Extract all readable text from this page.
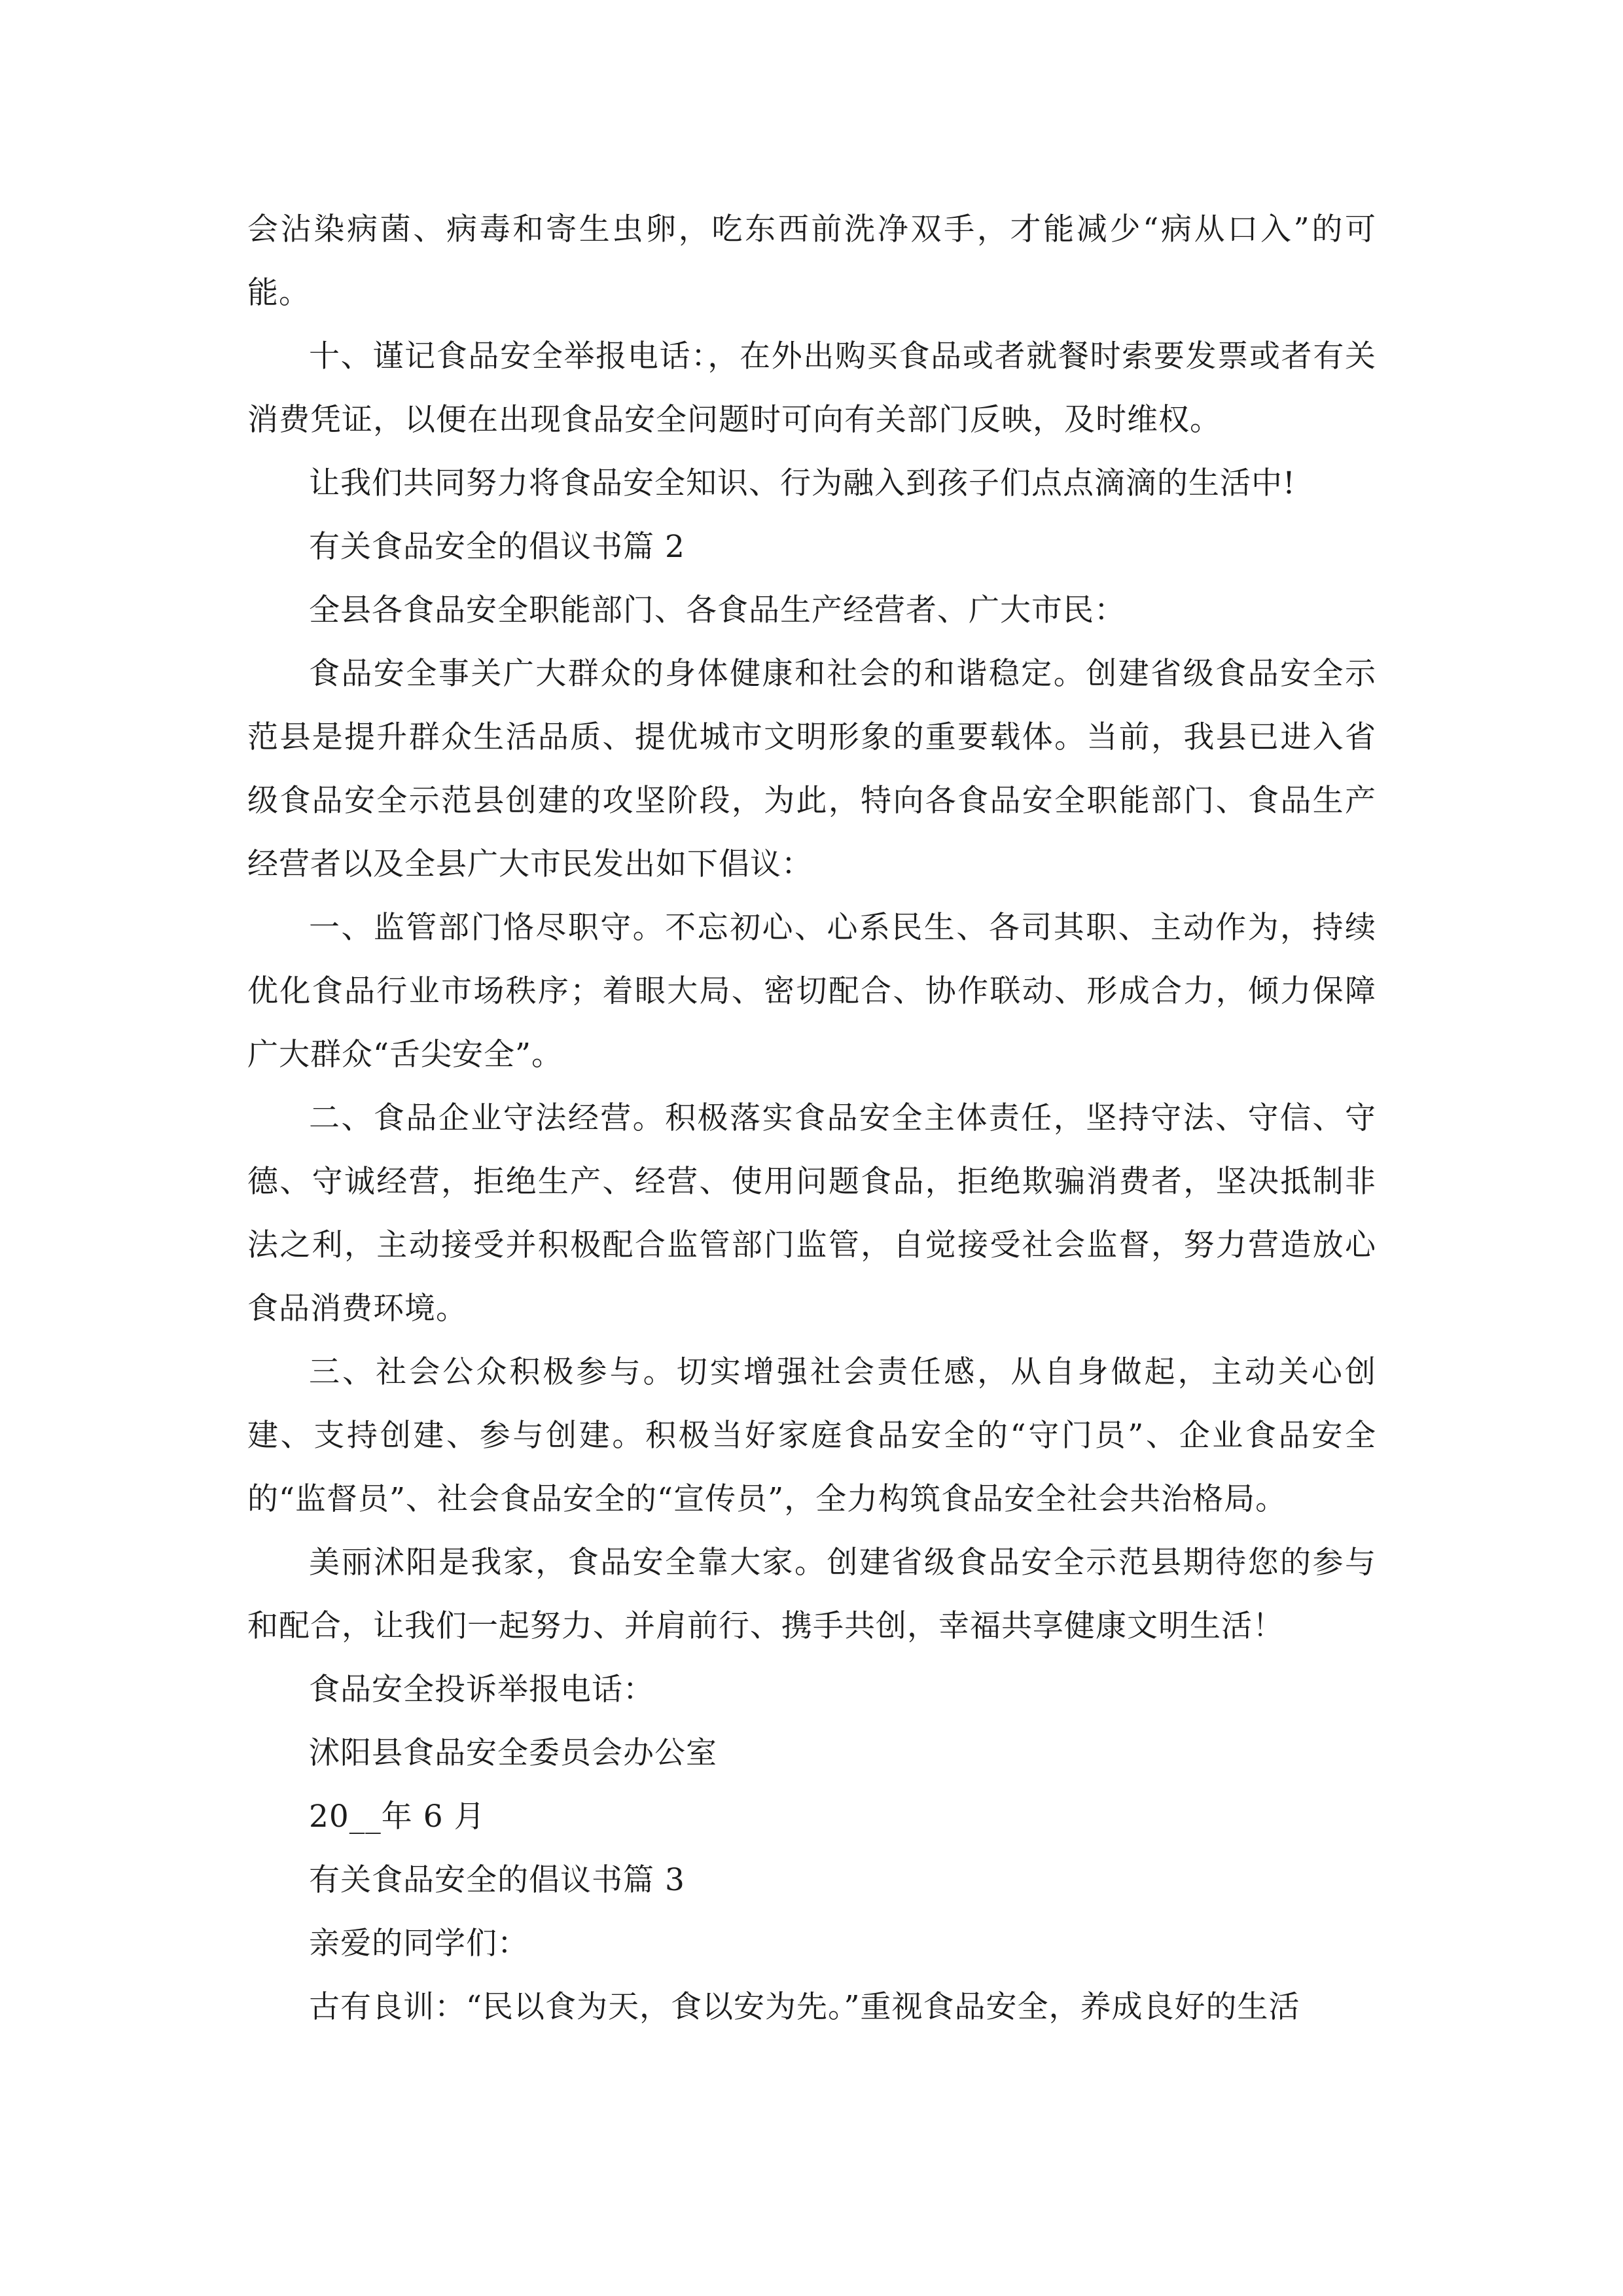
会沾染病菌、病毒和寄生虫卵，吃东西前洗净双手，才能减少“病从口入”的可能。

十、谨记食品安全举报电话：，在外出购买食品或者就餐时索要发票或者有关消费凭证，以便在出现食品安全问题时可向有关部门反映，及时维权。

让我们共同努力将食品安全知识、行为融入到孩子们点点滴滴的生活中!

有关食品安全的倡议书篇 2

全县各食品安全职能部门、各食品生产经营者、广大市民：

食品安全事关广大群众的身体健康和社会的和谐稳定。创建省级食品安全示范县是提升群众生活品质、提优城市文明形象的重要载体。当前，我县已进入省级食品安全示范县创建的攻坚阶段，为此，特向各食品安全职能部门、食品生产经营者以及全县广大市民发出如下倡议：

一、监管部门恪尽职守。不忘初心、心系民生、各司其职、主动作为，持续优化食品行业市场秩序；着眼大局、密切配合、协作联动、形成合力，倾力保障广大群众“舌尖安全”。

二、食品企业守法经营。积极落实食品安全主体责任，坚持守法、守信、守德、守诚经营，拒绝生产、经营、使用问题食品，拒绝欺骗消费者，坚决抵制非法之利，主动接受并积极配合监管部门监管，自觉接受社会监督，努力营造放心食品消费环境。

三、社会公众积极参与。切实增强社会责任感，从自身做起，主动关心创建、支持创建、参与创建。积极当好家庭食品安全的“守门员”、企业食品安全的“监督员”、社会食品安全的“宣传员”，全力构筑食品安全社会共治格局。

美丽沭阳是我家，食品安全靠大家。创建省级食品安全示范县期待您的参与和配合，让我们一起努力、并肩前行、携手共创，幸福共享健康文明生活！

食品安全投诉举报电话：

沭阳县食品安全委员会办公室

20__年 6 月

有关食品安全的倡议书篇 3

亲爱的同学们：

古有良训：“民以食为天，食以安为先。”重视食品安全，养成良好的生活
